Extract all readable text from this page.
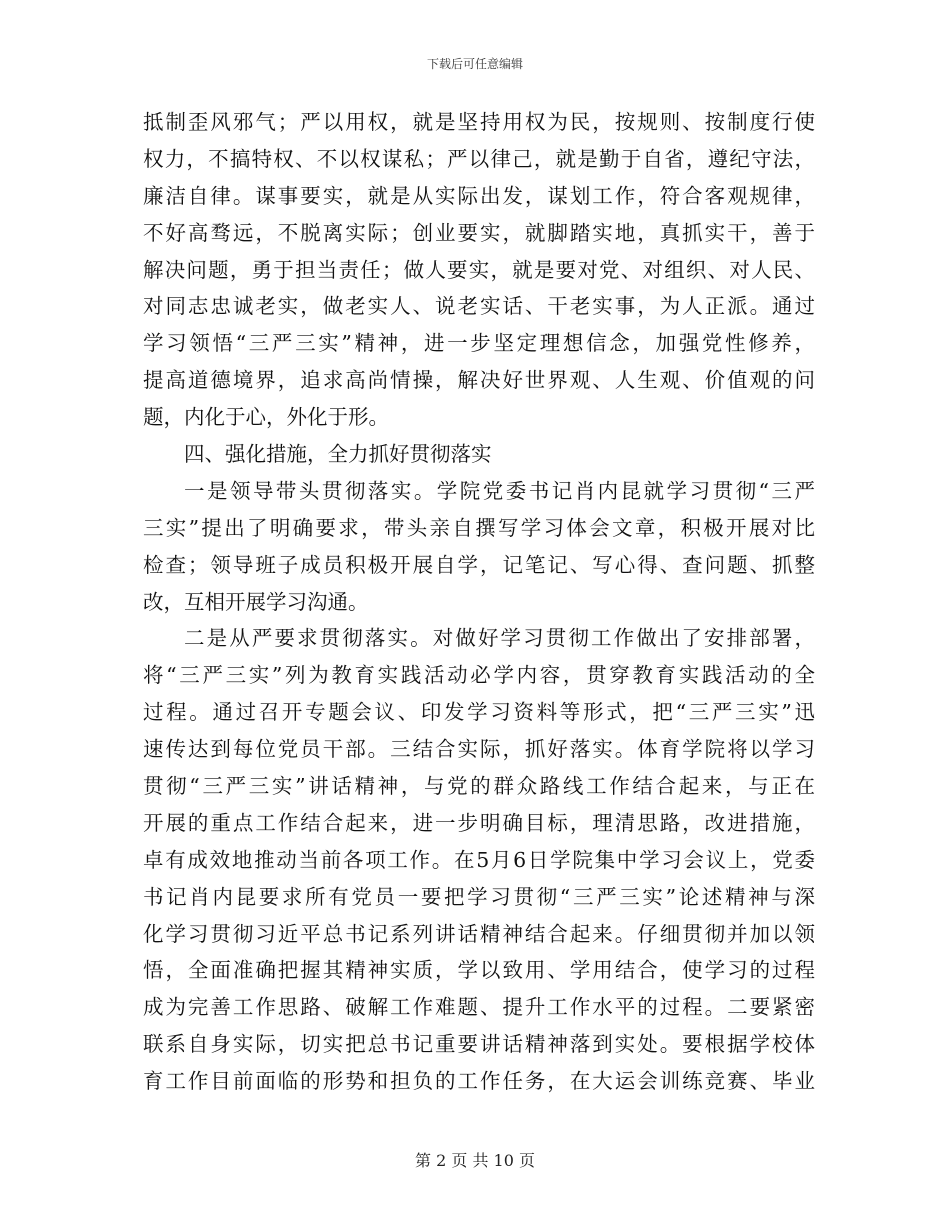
下载后可任意编辑
抵制歪风邪气；严以用权，就是坚持用权为民，按规则、按制度行使
权力，不搞特权、不以权谋私；严以律己，就是勤于自省，遵纪守法，
廉洁自律。谋事要实，就是从实际出发，谋划工作，符合客观规律，
不好高骛远，不脱离实际；创业要实，就脚踏实地，真抓实干，善于
解决问题，勇于担当责任；做人要实，就是要对党、对组织、对人民、
对同志忠诚老实，做老实人、说老实话、干老实事，为人正派。通过
学习领悟“三严三实”精神，进一步坚定理想信念，加强党性修养，
提高道德境界，追求高尚情操，解决好世界观、人生观、价值观的问
题，内化于心，外化于形。
四、强化措施，全力抓好贯彻落实
一是领导带头贯彻落实。学院党委书记肖内昆就学习贯彻“三严
三实”提出了明确要求，带头亲自撰写学习体会文章，积极开展对比
检查；领导班子成员积极开展自学，记笔记、写心得、查问题、抓整
改，互相开展学习沟通。
二是从严要求贯彻落实。对做好学习贯彻工作做出了安排部署，
将“三严三实”列为教育实践活动必学内容，贯穿教育实践活动的全
过程。通过召开专题会议、印发学习资料等形式，把“三严三实”迅
速传达到每位党员干部。三结合实际，抓好落实。体育学院将以学习
贯彻“三严三实”讲话精神，与党的群众路线工作结合起来，与正在
开展的重点工作结合起来，进一步明确目标，理清思路，改进措施，
卓有成效地推动当前各项工作。在5月6日学院集中学习会议上，党委
书记肖内昆要求所有党员一要把学习贯彻“三严三实”论述精神与深
化学习贯彻习近平总书记系列讲话精神结合起来。仔细贯彻并加以领
悟，全面准确把握其精神实质，学以致用、学用结合，使学习的过程
成为完善工作思路、破解工作难题、提升工作水平的过程。二要紧密
联系自身实际，切实把总书记重要讲话精神落到实处。要根据学校体
育工作目前面临的形势和担负的工作任务，在大运会训练竞赛、毕业
第 2 页 共 10 页
